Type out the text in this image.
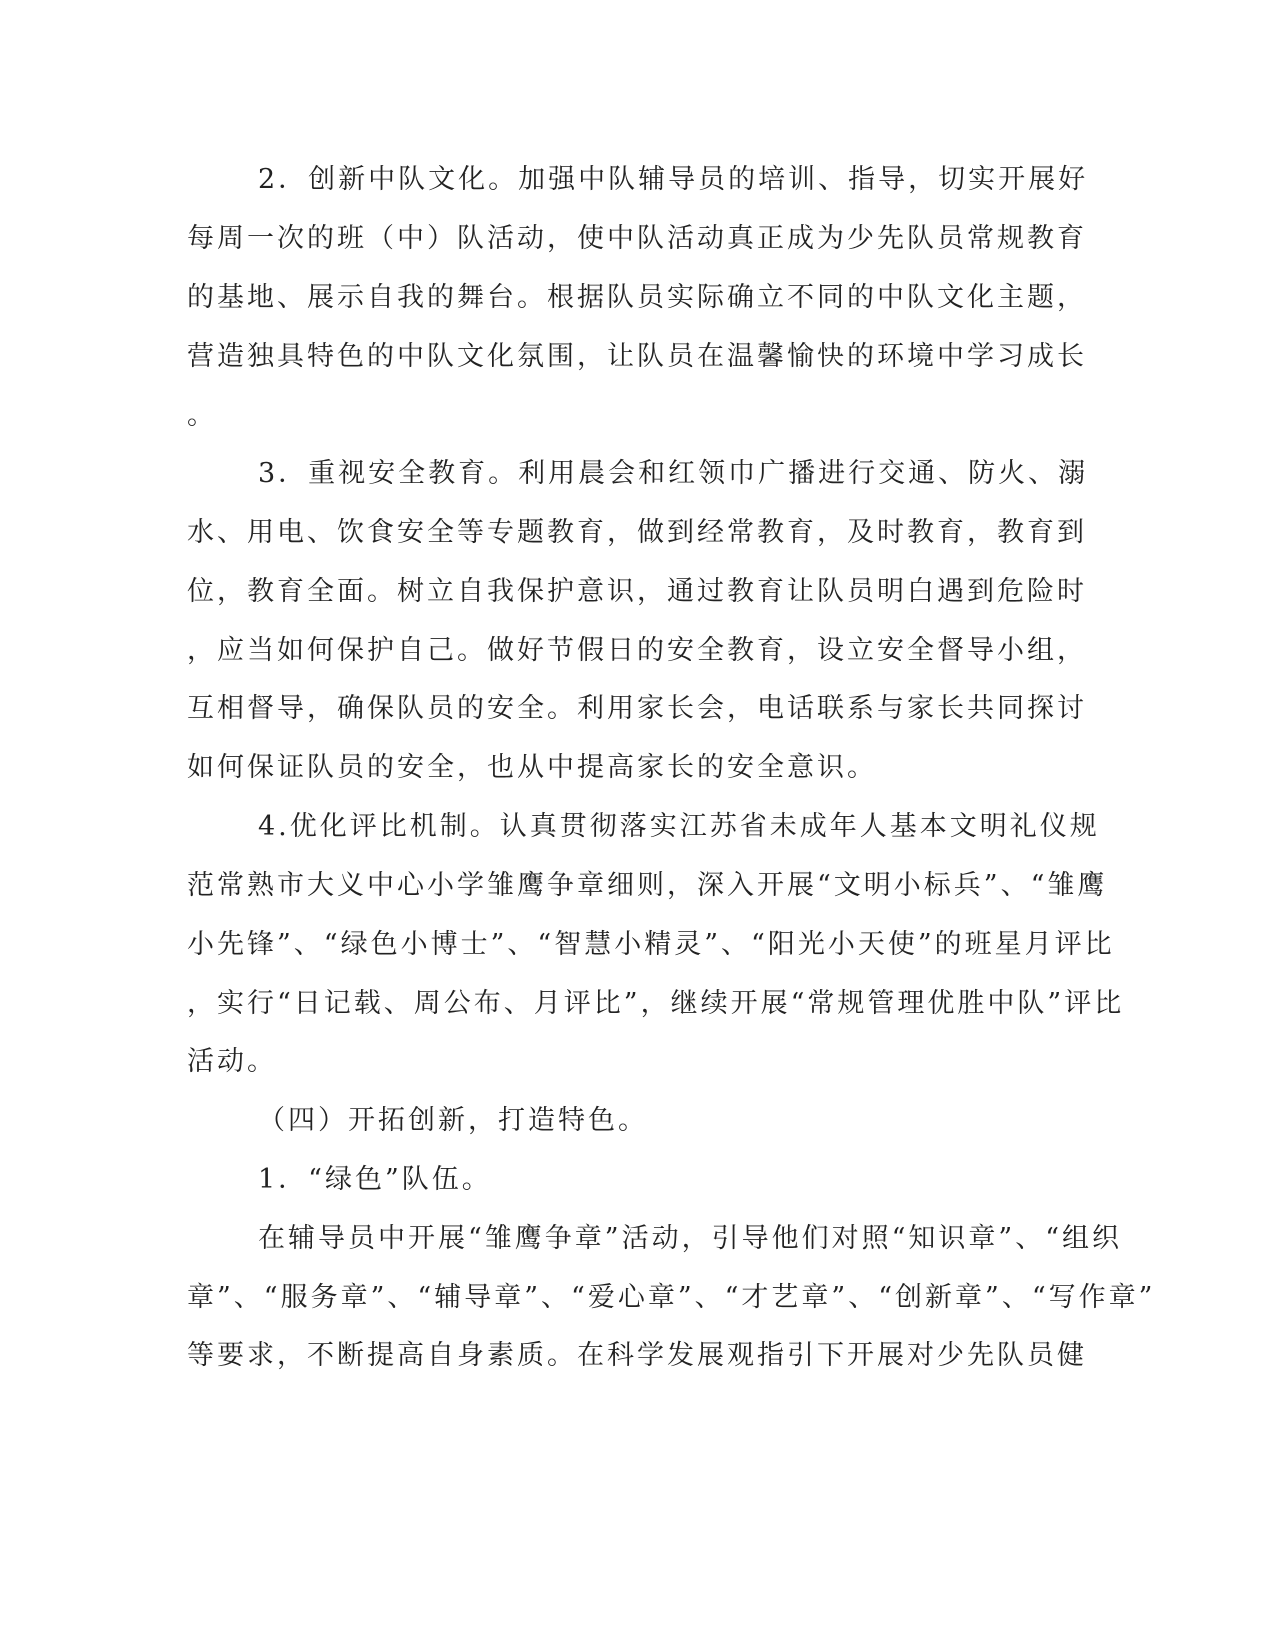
2．创新中队文化。加强中队辅导员的培训、指导，切实开展好
每周一次的班（中）队活动，使中队活动真正成为少先队员常规教育
的基地、展示自我的舞台。根据队员实际确立不同的中队文化主题，
营造独具特色的中队文化氛围，让队员在温馨愉快的环境中学习成长
。
3．重视安全教育。利用晨会和红领巾广播进行交通、防火、溺
水、用电、饮食安全等专题教育，做到经常教育，及时教育，教育到
位，教育全面。树立自我保护意识，通过教育让队员明白遇到危险时
，应当如何保护自己。做好节假日的安全教育，设立安全督导小组，
互相督导，确保队员的安全。利用家长会，电话联系与家长共同探讨
如何保证队员的安全，也从中提高家长的安全意识。
4.优化评比机制。认真贯彻落实江苏省未成年人基本文明礼仪规
范常熟市大义中心小学雏鹰争章细则，深入开展“文明小标兵”、“雏鹰
小先锋”、“绿色小博士”、“智慧小精灵”、“阳光小天使”的班星月评比
，实行“日记载、周公布、月评比”，继续开展“常规管理优胜中队”评比
活动。
（四）开拓创新，打造特色。
1．“绿色”队伍。
在辅导员中开展“雏鹰争章”活动，引导他们对照“知识章”、“组织
章”、“服务章”、“辅导章”、“爱心章”、“才艺章”、“创新章”、“写作章”
等要求，不断提高自身素质。在科学发展观指引下开展对少先队员健
